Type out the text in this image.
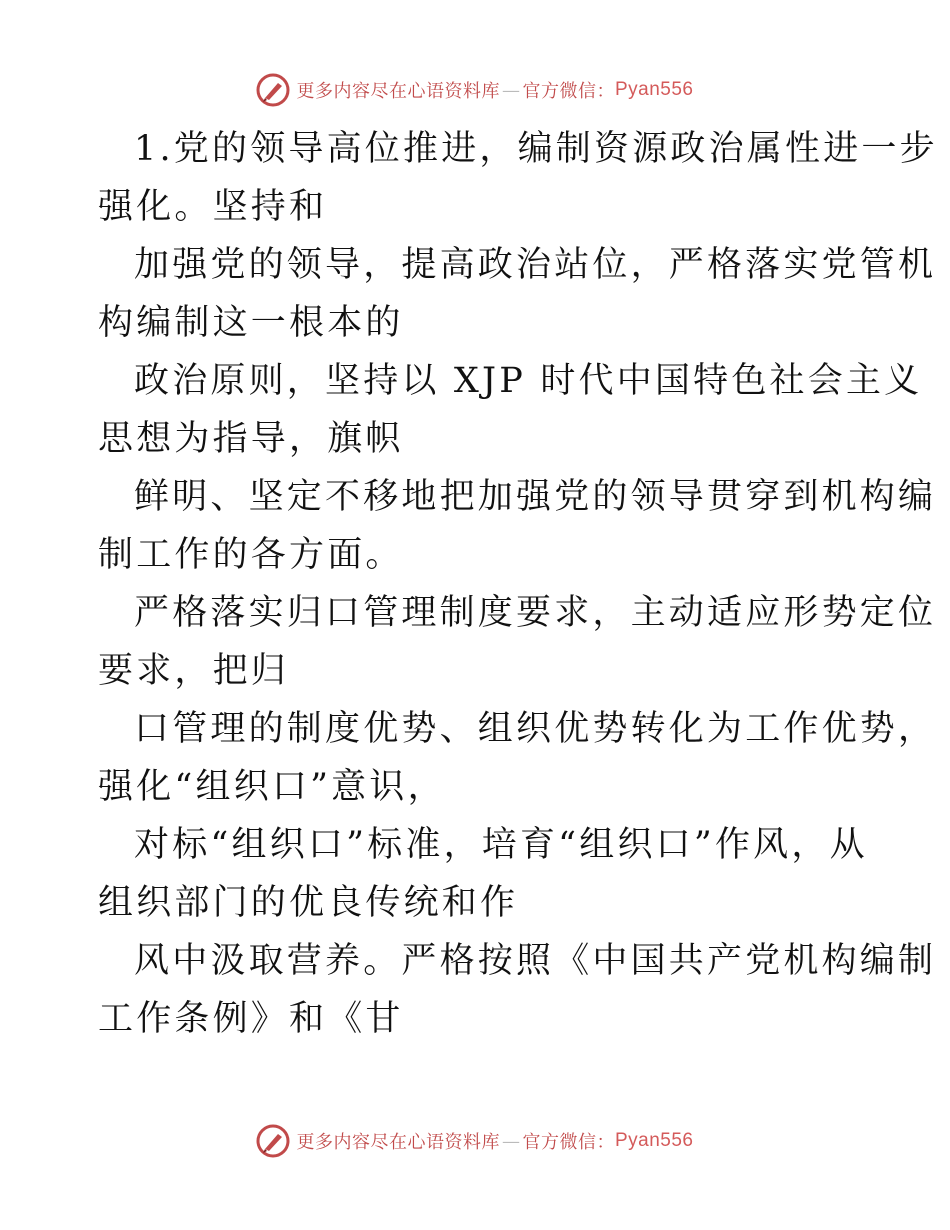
更多内容尽在心语资料库 — 官方微信： Pyan556
1.党的领导高位推进，编制资源政治属性进一步
强化。坚持和
加强党的领导，提高政治站位，严格落实党管机
构编制这一根本的
政治原则，坚持以 XJP 时代中国特色社会主义
思想为指导，旗帜
鲜明、坚定不移地把加强党的领导贯穿到机构编
制工作的各方面。
严格落实归口管理制度要求，主动适应形势定位
要求，把归
口管理的制度优势、组织优势转化为工作优势，
强化“组织口”意识，
对标“组织口”标准，培育“组织口”作风，从
组织部门的优良传统和作
风中汲取营养。严格按照《中国共产党机构编制
工作条例》和《甘
更多内容尽在心语资料库 — 官方微信： Pyan556
